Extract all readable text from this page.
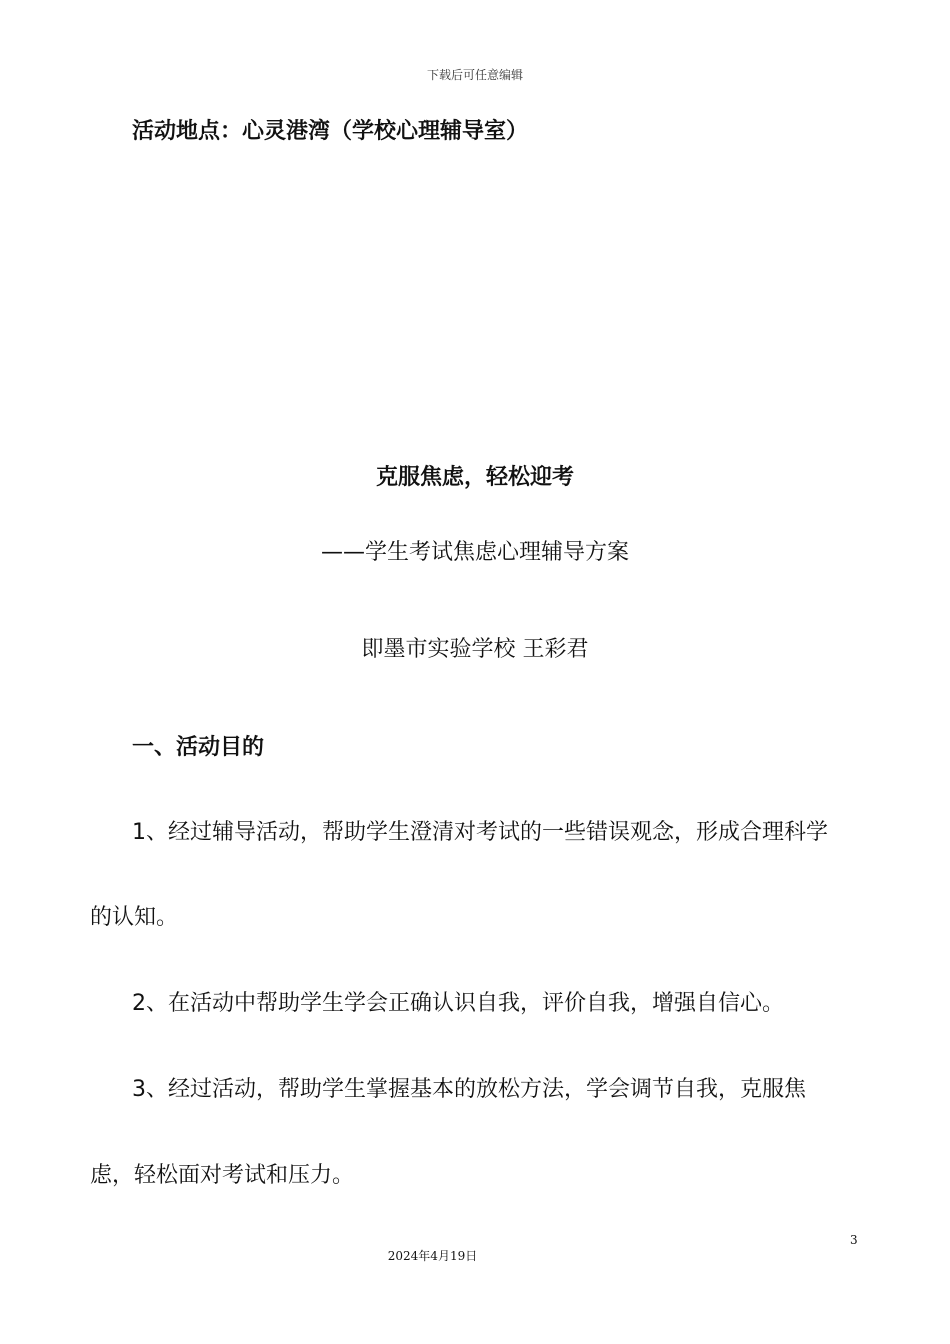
下载后可任意编辑
活动地点：心灵港湾（学校心理辅导室）
克服焦虑，轻松迎考
——学生考试焦虑心理辅导方案
即墨市实验学校 王彩君
一、活动目的
1、经过辅导活动，帮助学生澄清对考试的一些错误观念，形成合理科学
的认知。
2、在活动中帮助学生学会正确认识自我，评价自我，增强自信心。
3、经过活动，帮助学生掌握基本的放松方法，学会调节自我，克服焦
虑，轻松面对考试和压力。
3
2024年4月19日
